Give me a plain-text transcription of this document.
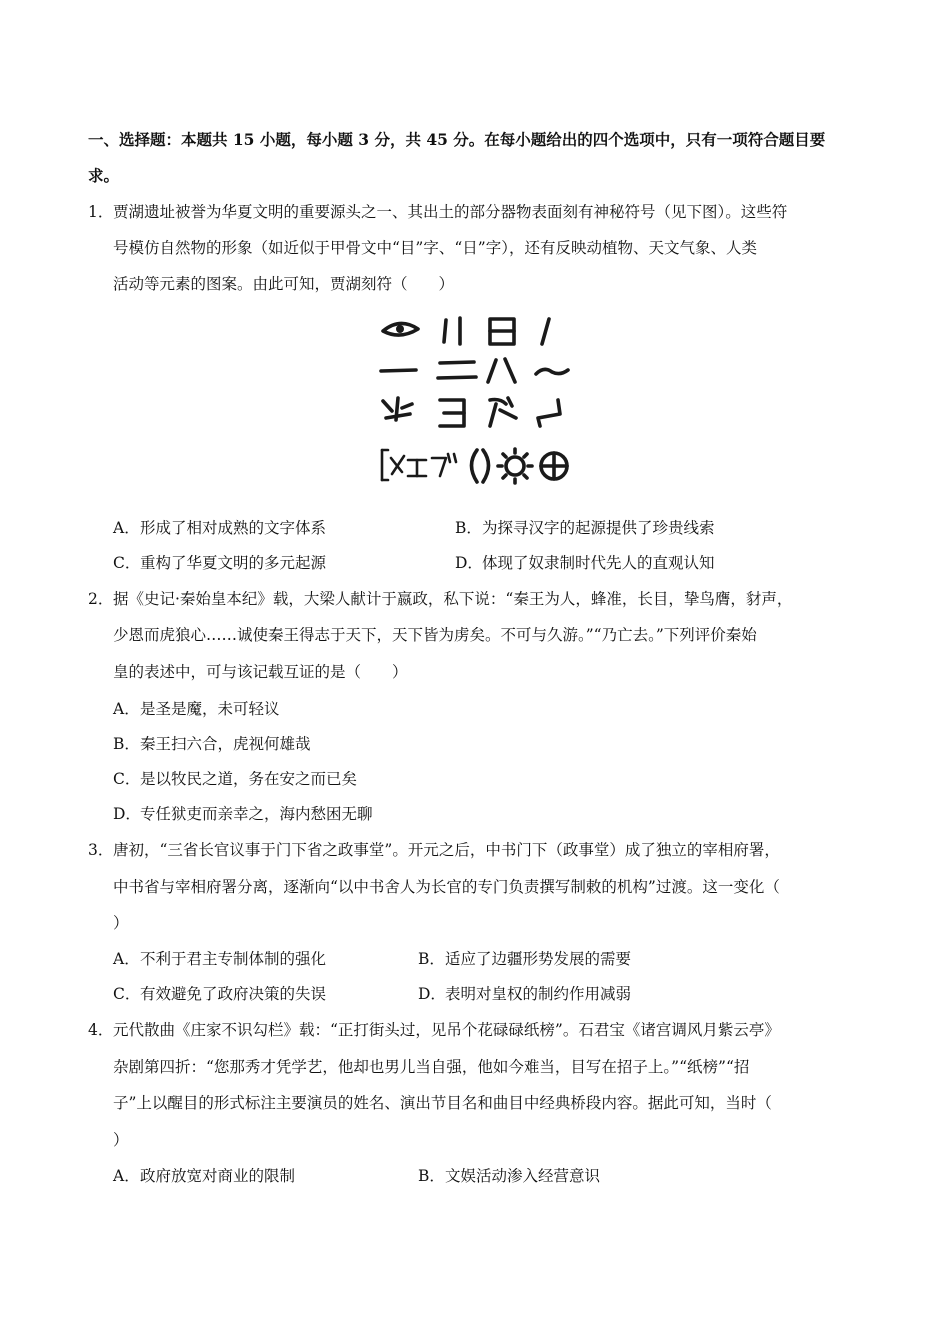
一、选择题：本题共 15 小题，每小题 3 分，共 45 分。在每小题给出的四个选项中，只有一项符合题目要
求。
1． 贾湖遗址被誉为华夏文明的重要源头之一、其出土的部分器物表面刻有神秘符号（见下图）。这些符
号模仿自然物的形象（如近似于甲骨文中“目”字、“日”字），还有反映动植物、天文气象、人类
活动等元素的图案。由此可知，贾湖刻符（　　）
A． 形成了相对成熟的文字体系	B． 为探寻汉字的起源提供了珍贵线索
C． 重构了华夏文明的多元起源	D． 体现了奴隶制时代先人的直观认知
2． 据《史记·秦始皇本纪》载，大梁人献计于嬴政，私下说：“秦王为人，蜂准，长目，挚鸟膺，豺声，
少恩而虎狼心……诚使秦王得志于天下，天下皆为虏矣。不可与久游。”“乃亡去。”下列评价秦始
皇的表述中，可与该记载互证的是（　　）
A． 是圣是魔，未可轻议
B． 秦王扫六合，虎视何雄哉
C． 是以牧民之道，务在安之而已矣
D． 专任狱吏而亲幸之，海内愁困无聊
3． 唐初，“三省长官议事于门下省之政事堂”。开元之后，中书门下（政事堂）成了独立的宰相府署，
中书省与宰相府署分离，逐渐向“以中书舍人为长官的专门负责撰写制敕的机构”过渡。这一变化（
）
A． 不利于君主专制体制的强化	B． 适应了边疆形势发展的需要
C． 有效避免了政府决策的失误	D． 表明对皇权的制约作用减弱
4． 元代散曲《庄家不识勾栏》载：“正打街头过，见吊个花碌碌纸榜”。石君宝《诸宫调风月紫云亭》
杂剧第四折：“您那秀才凭学艺，他却也男儿当自强，他如今难当，目写在招子上。”“纸榜”“招
子”上以醒目的形式标注主要演员的姓名、演出节目名和曲目中经典桥段内容。据此可知，当时（
）
A． 政府放宽对商业的限制	B． 文娱活动渗入经营意识
